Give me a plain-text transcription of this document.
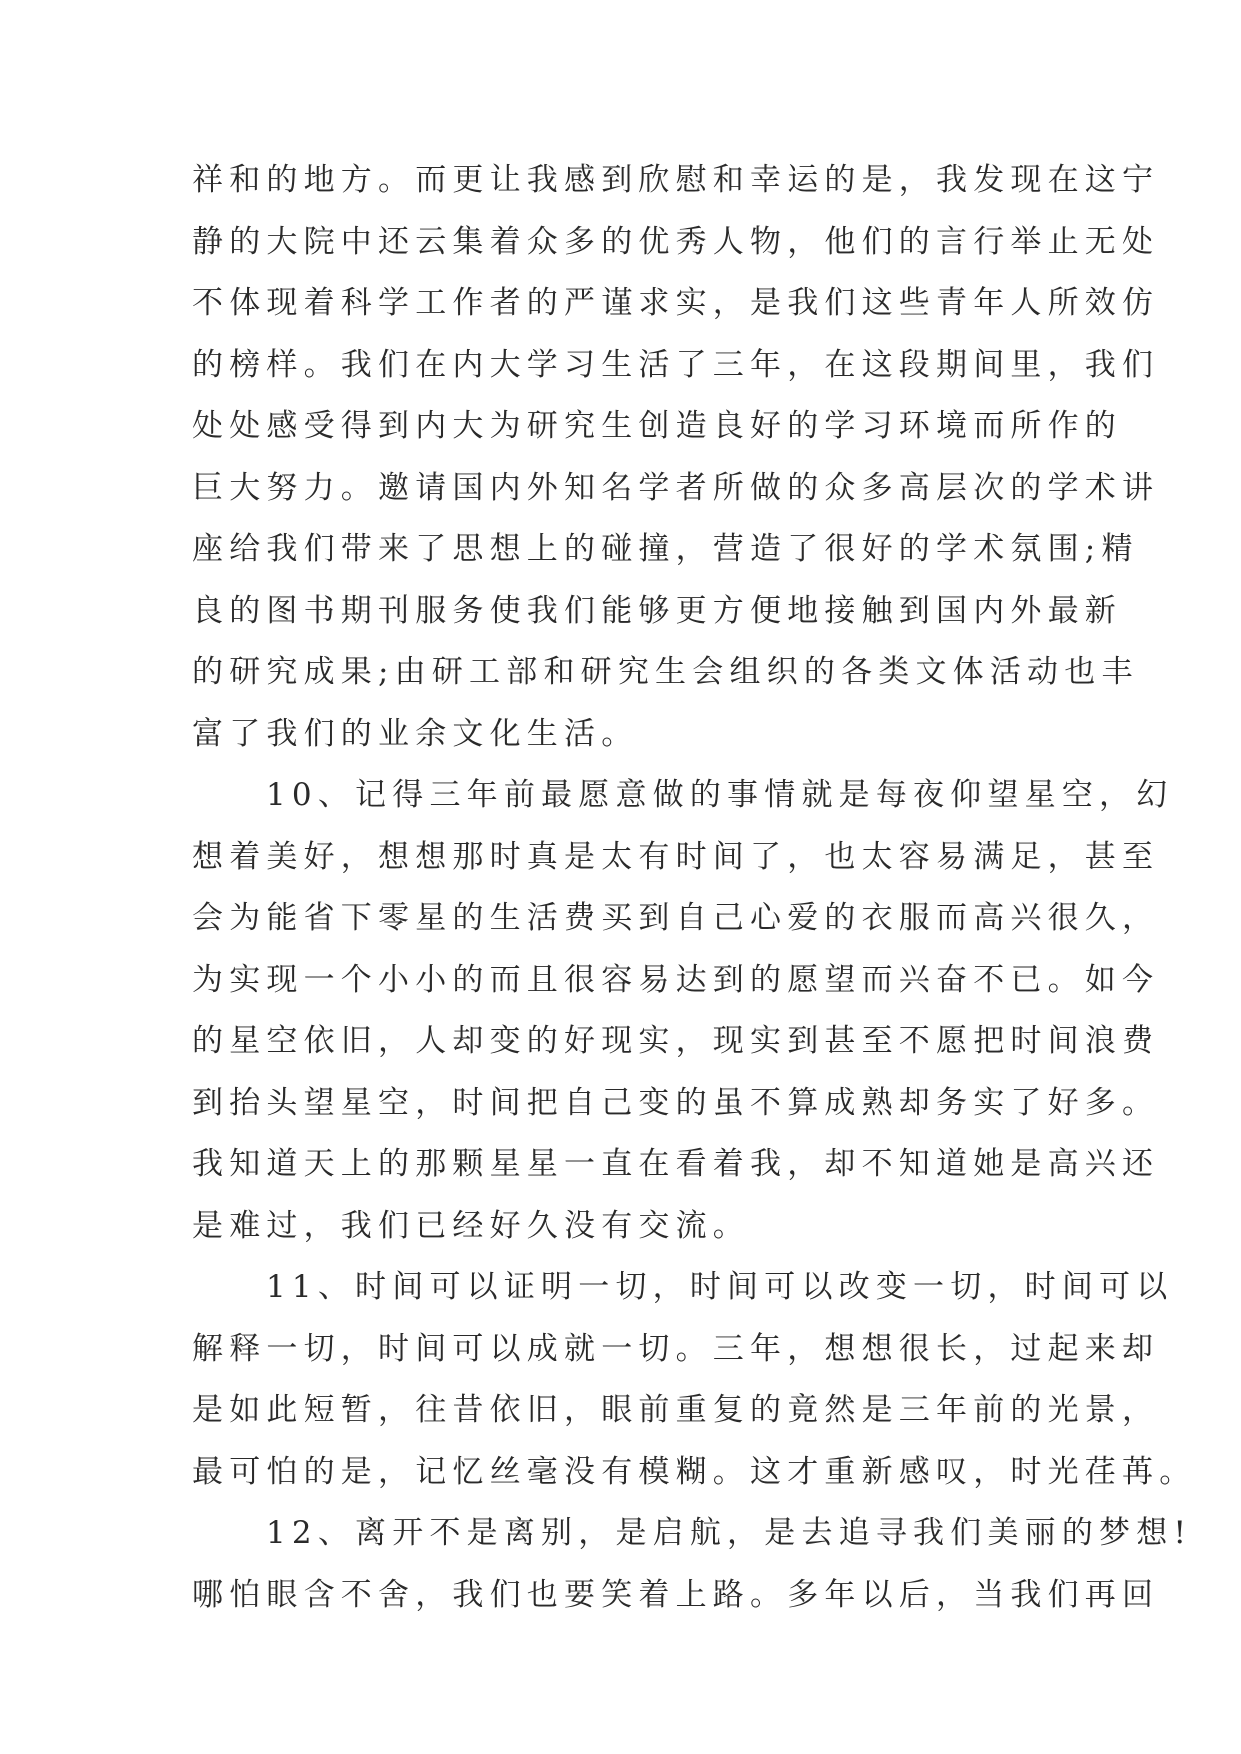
祥和的地方。而更让我感到欣慰和幸运的是，我发现在这宁
静的大院中还云集着众多的优秀人物，他们的言行举止无处
不体现着科学工作者的严谨求实，是我们这些青年人所效仿
的榜样。我们在内大学习生活了三年，在这段期间里，我们
处处感受得到内大为研究生创造良好的学习环境而所作的
巨大努力。邀请国内外知名学者所做的众多高层次的学术讲
座给我们带来了思想上的碰撞，营造了很好的学术氛围;精
良的图书期刊服务使我们能够更方便地接触到国内外最新
的研究成果;由研工部和研究生会组织的各类文体活动也丰
富了我们的业余文化生活。
10、记得三年前最愿意做的事情就是每夜仰望星空，幻
想着美好，想想那时真是太有时间了，也太容易满足，甚至
会为能省下零星的生活费买到自己心爱的衣服而高兴很久，
为实现一个小小的而且很容易达到的愿望而兴奋不已。如今
的星空依旧，人却变的好现实，现实到甚至不愿把时间浪费
到抬头望星空，时间把自己变的虽不算成熟却务实了好多。
我知道天上的那颗星星一直在看着我，却不知道她是高兴还
是难过，我们已经好久没有交流。
11、时间可以证明一切，时间可以改变一切，时间可以
解释一切，时间可以成就一切。三年，想想很长，过起来却
是如此短暂，往昔依旧，眼前重复的竟然是三年前的光景，
最可怕的是，记忆丝毫没有模糊。这才重新感叹，时光荏苒。
12、离开不是离别，是启航，是去追寻我们美丽的梦想!
哪怕眼含不舍，我们也要笑着上路。多年以后，当我们再回
